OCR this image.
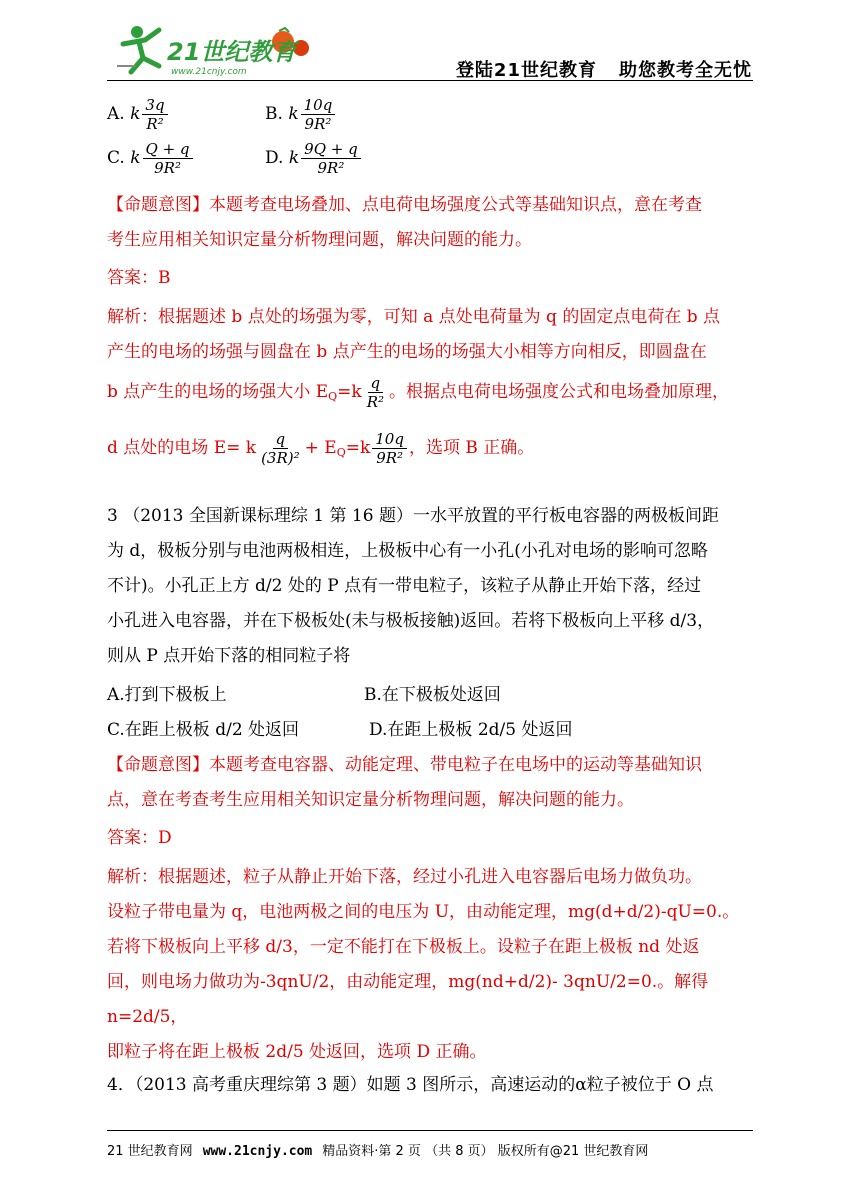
21世纪教育
www.21cnjy.com	登陆21世纪教育 助您教考全无忧
A. k $\frac{3q}{\text{R²}}$	B. k $\frac{10q}{\text{9R²}}$
C. k $\frac{Q + q}{\text{9R²}}$	D. k $\frac{9Q + q}{\text{9R²}}$
【命题意图】本题考查电场叠加、点电荷电场强度公式等基础知识点，意在考查
考生应用相关知识定量分析物理问题，解决问题的能力。
答案：B
解析：根据题述 b 点处的场强为零，可知 a 点处电荷量为 q 的固定点电荷在 b 点
产生的电场的场强与圆盘在 b 点产生的电场的场强大小相等方向相反，即圆盘在
b 点产生的电场的场强大小 $E_Q=k \frac{q}{\text{R²}}$ 。根据点电荷电场强度公式和电场叠加原理，
d 点处的电场 E= k $\frac{q}{\text{(3R)²}} + E_Q=k \frac{10q}{\text{9R²}}$ ，选项 B 正确。
3 （2013 全国新课标理综 1 第 16 题）一水平放置的平行板电容器的两极板间距
为 d，极板分别与电池两极相连，上极板中心有一小孔(小孔对电场的影响可忽略
不计)。小孔正上方 d/2 处的 P 点有一带电粒子，该粒子从静止开始下落，经过
小孔进入电容器，并在下极板处(未与极板接触)返回。若将下极板向上平移 d/3，
则从 P 点开始下落的相同粒子将
A.打到下极板上	B.在下极板处返回
C.在距上极板 d/2 处返回	D.在距上极板 2d/5 处返回
【命题意图】本题考查电容器、动能定理、带电粒子在电场中的运动等基础知识
点，意在考查考生应用相关知识定量分析物理问题，解决问题的能力。
答案：D
解析：根据题述，粒子从静止开始下落，经过小孔进入电容器后电场力做负功。
设粒子带电量为 q，电池两极之间的电压为 U，由动能定理，mg(d+d/2)-qU=0.。
若将下极板向上平移 d/3，一定不能打在下极板上。设粒子在距上极板 nd 处返
回，则电场力做功为-3qnU/2，由动能定理，mg(nd+d/2)- 3qnU/2=0.。解得 n=2d/5，
即粒子将在距上极板 2d/5 处返回，选项 D 正确。
4．（2013 高考重庆理综第 3 题）如题 3 图所示，高速运动的α粒子被位于 O 点
21 世纪教育网 www.21cnjy.com 精品资料·第 2 页 （共 8 页） 版权所有@21 世纪教育网
